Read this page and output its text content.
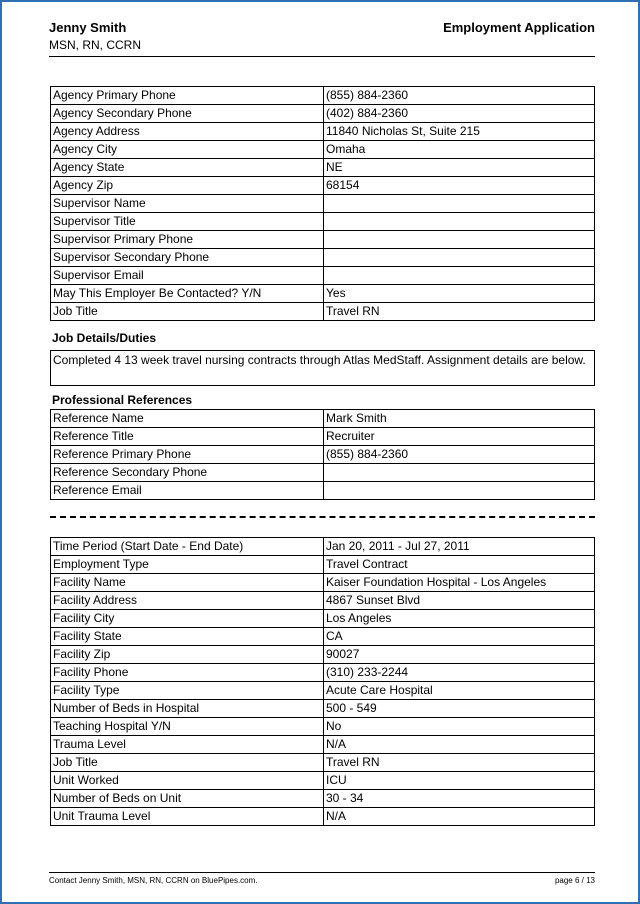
Jenny Smith
MSN, RN, CCRN
Employment Application
Agency Primary Phone	(855) 884-2360
Agency Secondary Phone	(402) 884-2360
Agency Address	11840 Nicholas St, Suite 215
Agency City	Omaha
Agency State	NE
Agency Zip	68154
Supervisor Name	
Supervisor Title	
Supervisor Primary Phone	
Supervisor Secondary Phone	
Supervisor Email	
May This Employer Be Contacted? Y/N	Yes
Job Title	Travel RN
Job Details/Duties
Completed 4 13 week travel nursing contracts through Atlas MedStaff. Assignment details are below.
Professional References
Reference Name	Mark Smith
Reference Title	Recruiter
Reference Primary Phone	(855) 884-2360
Reference Secondary Phone	
Reference Email	
Time Period (Start Date - End Date)	Jan 20, 2011 - Jul 27, 2011
Employment Type	Travel Contract
Facility Name	Kaiser Foundation Hospital - Los Angeles
Facility Address	4867 Sunset Blvd
Facility City	Los Angeles
Facility State	CA
Facility Zip	90027
Facility Phone	(310) 233-2244
Facility Type	Acute Care Hospital
Number of Beds in Hospital	500 - 549
Teaching Hospital Y/N	No
Trauma Level	N/A
Job Title	Travel RN
Unit Worked	ICU
Number of Beds on Unit	30 - 34
Unit Trauma Level	N/A
Contact Jenny Smith, MSN, RN, CCRN on BluePipes.com.	page 6 / 13
